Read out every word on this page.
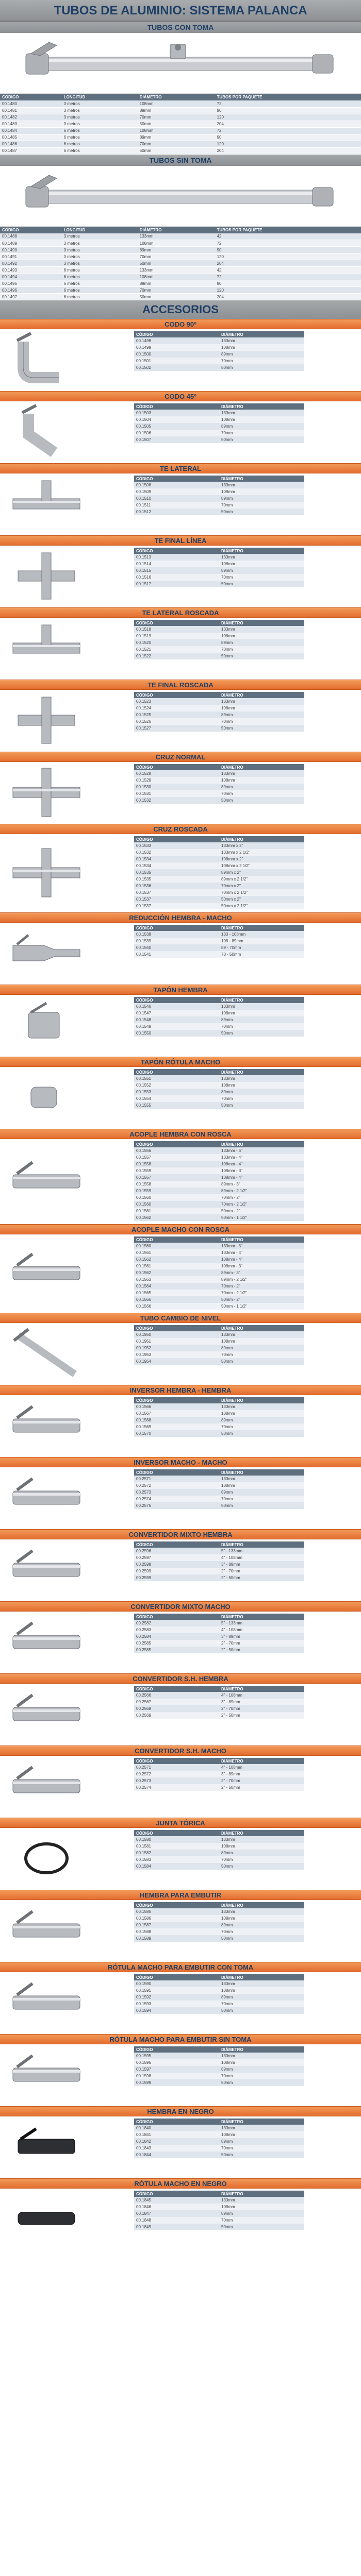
TUBOS DE ALUMINIO: SISTEMA PALANCA
TUBOS CON TOMA
CÓDIGO	LONGITUD	DIÁMETRO	TUBOS POR PAQUETE
00.1480	3 metros	108mm	72
00.1481	3 metros	89mm	90
00.1482	3 metros	70mm	120
00.1483	3 metros	50mm	204
00.1484	6 metros	108mm	72
00.1485	6 metros	89mm	90
00.1486	6 metros	70mm	120
00.1487	6 metros	50mm	204
TUBOS SIN TOMA
CÓDIGO	LONGITUD	DIÁMETRO	TUBOS POR PAQUETE
00.1488	3 metros	133mm	42
00.1489	3 metros	108mm	72
00.1490	3 metros	89mm	90
00.1491	3 metros	70mm	120
00.1492	3 metros	50mm	204
00.1493	6 metros	133mm	42
00.1494	6 metros	108mm	72
00.1495	6 metros	89mm	90
00.1496	6 metros	70mm	120
00.1497	6 metros	50mm	204
ACCESORIOS
CODO 90º
CÓDIGO	DIÁMETRO
00.1498	133mm
00.1499	108mm
00.1500	89mm
00.1501	70mm
00.1502	50mm
CODO 45º
CÓDIGO	DIÁMETRO
00.1503	133mm
00.1504	108mm
00.1505	89mm
00.1506	70mm
00.1507	50mm
TE LATERAL
CÓDIGO	DIÁMETRO
00.1508	133mm
00.1509	108mm
00.1510	89mm
00.1511	70mm
00.1512	50mm
TE FINAL LÍNEA
CÓDIGO	DIÁMETRO
00.1513	133mm
00.1514	108mm
00.1515	89mm
00.1516	70mm
00.1517	50mm
TE LATERAL ROSCADA
CÓDIGO	DIÁMETRO
00.1518	133mm
00.1519	108mm
00.1520	89mm
00.1521	70mm
00.1522	50mm
TE FINAL ROSCADA
CÓDIGO	DIÁMETRO
00.1523	133mm
00.1524	108mm
00.1525	89mm
00.1526	70mm
00.1527	50mm
CRUZ NORMAL
CÓDIGO	DIÁMETRO
00.1528	133mm
00.1529	108mm
00.1530	89mm
00.1531	70mm
00.1532	50mm
CRUZ ROSCADA
CÓDIGO	DIÁMETRO
00.1533	133mm x 2"
00.1532	133mm x 2 1/2"
00.1534	108mm x 2"
00.1534	108mm x 2 1/2"
00.1535	89mm x 2"
00.1535	89mm x 2 1/2"
00.1536	70mm x 2"
00.1537	70mm x 2 1/2"
00.1537	50mm x 2"
00.1537	50mm x 2 1/2"
REDUCCIÓN HEMBRA - MACHO
CÓDIGO	DIÁMETRO
00.1538	133 - 108mm
00.1539	108 - 89mm
00.1540	89 - 70mm
00.1541	70 - 50mm
TAPÓN HEMBRA
CÓDIGO	DIÁMETRO
00.1546	133mm
00.1547	108mm
00.1548	89mm
00.1549	70mm
00.1550	50mm
TAPÓN RÓTULA MACHO
CÓDIGO	DIÁMETRO
00.1551	133mm
00.1552	108mm
00.1553	89mm
00.1554	70mm
00.1555	50mm
ACOPLE HEMBRA CON ROSCA
CÓDIGO	DIÁMETRO
00.1556	133mm - 5"
00.1557	133mm - 4"
00.1558	108mm - 4"
00.1559	108mm - 3"
00.1557	108mm - 4"
00.1558	89mm - 3"
00.1559	89mm - 2 1/2"
00.1560	70mm - 2"
00.1560	70mm - 2 1/2"
00.1561	50mm - 2"
00.1562	50mm - 1 1/2"
ACOPLE MACHO CON ROSCA
CÓDIGO	DIÁMETRO
00.1560	133mm - 5"
00.1561	133mm - 4"
00.1562	108mm - 4"
00.1561	108mm - 3"
00.1562	89mm - 3"
00.1563	89mm - 2 1/2"
00.1564	70mm - 2"
00.1565	70mm - 2 1/2"
00.1566	50mm - 2"
00.1566	50mm - 1 1/2"
TUBO CAMBIO DE NIVEL
CÓDIGO	DIÁMETRO
00.1950	133mm
00.1951	108mm
00.1952	89mm
00.1953	70mm
00.1954	50mm
INVERSOR HEMBRA - HEMBRA
CÓDIGO	DIÁMETRO
00.1566	133mm
00.1567	108mm
00.1568	89mm
00.1569	70mm
00.1570	50mm
INVERSOR MACHO - MACHO
CÓDIGO	DIÁMETRO
00.2571	133mm
00.2572	108mm
00.2573	89mm
00.2574	70mm
00.2575	50mm
CONVERTIDOR MIXTO HEMBRA
CÓDIGO	DIÁMETRO
00.2596	5" - 133mm
00.2597	4" - 108mm
00.2598	3" - 89mm
00.2599	2" - 70mm
00.2599	2" - 50mm
CONVERTIDOR MIXTO MACHO
CÓDIGO	DIÁMETRO
00.2582	5" - 133mm
00.2583	4" - 108mm
00.2584	3" - 89mm
00.2585	2" - 70mm
00.2585	2" - 50mm
CONVERTIDOR S.H. HEMBRA
CÓDIGO	DIÁMETRO
00.2566	4" - 108mm
00.2567	3" - 89mm
00.2568	2" - 70mm
00.2569	2" - 50mm
CONVERTIDOR S.H. MACHO
CÓDIGO	DIÁMETRO
00.2571	4" - 108mm
00.2572	3" - 89mm
00.2573	2" - 70mm
00.2574	2" - 50mm
JUNTA TÓRICA
CÓDIGO	DIÁMETRO
00.1580	133mm
00.1581	108mm
00.1582	89mm
00.1583	70mm
00.1584	50mm
HEMBRA PARA EMBUTIR
CÓDIGO	DIÁMETRO
00.1585	133mm
00.1586	108mm
00.1587	89mm
00.1588	70mm
00.1589	50mm
RÓTULA MACHO PARA EMBUTIR CON TOMA
CÓDIGO	DIÁMETRO
00.1590	133mm
00.1591	108mm
00.1592	89mm
00.1593	70mm
00.1594	50mm
RÓTULA MACHO PARA EMBUTIR SIN TOMA
CÓDIGO	DIÁMETRO
00.1595	133mm
00.1596	108mm
00.1597	89mm
00.1598	70mm
00.1599	50mm
HEMBRA EN NEGRO
CÓDIGO	DIÁMETRO
00.1840	133mm
00.1841	108mm
00.1842	89mm
00.1843	70mm
00.1844	50mm
RÓTULA MACHO EN NEGRO
CÓDIGO	DIÁMETRO
00.1845	133mm
00.1846	108mm
00.1847	89mm
00.1848	70mm
00.1849	50mm
